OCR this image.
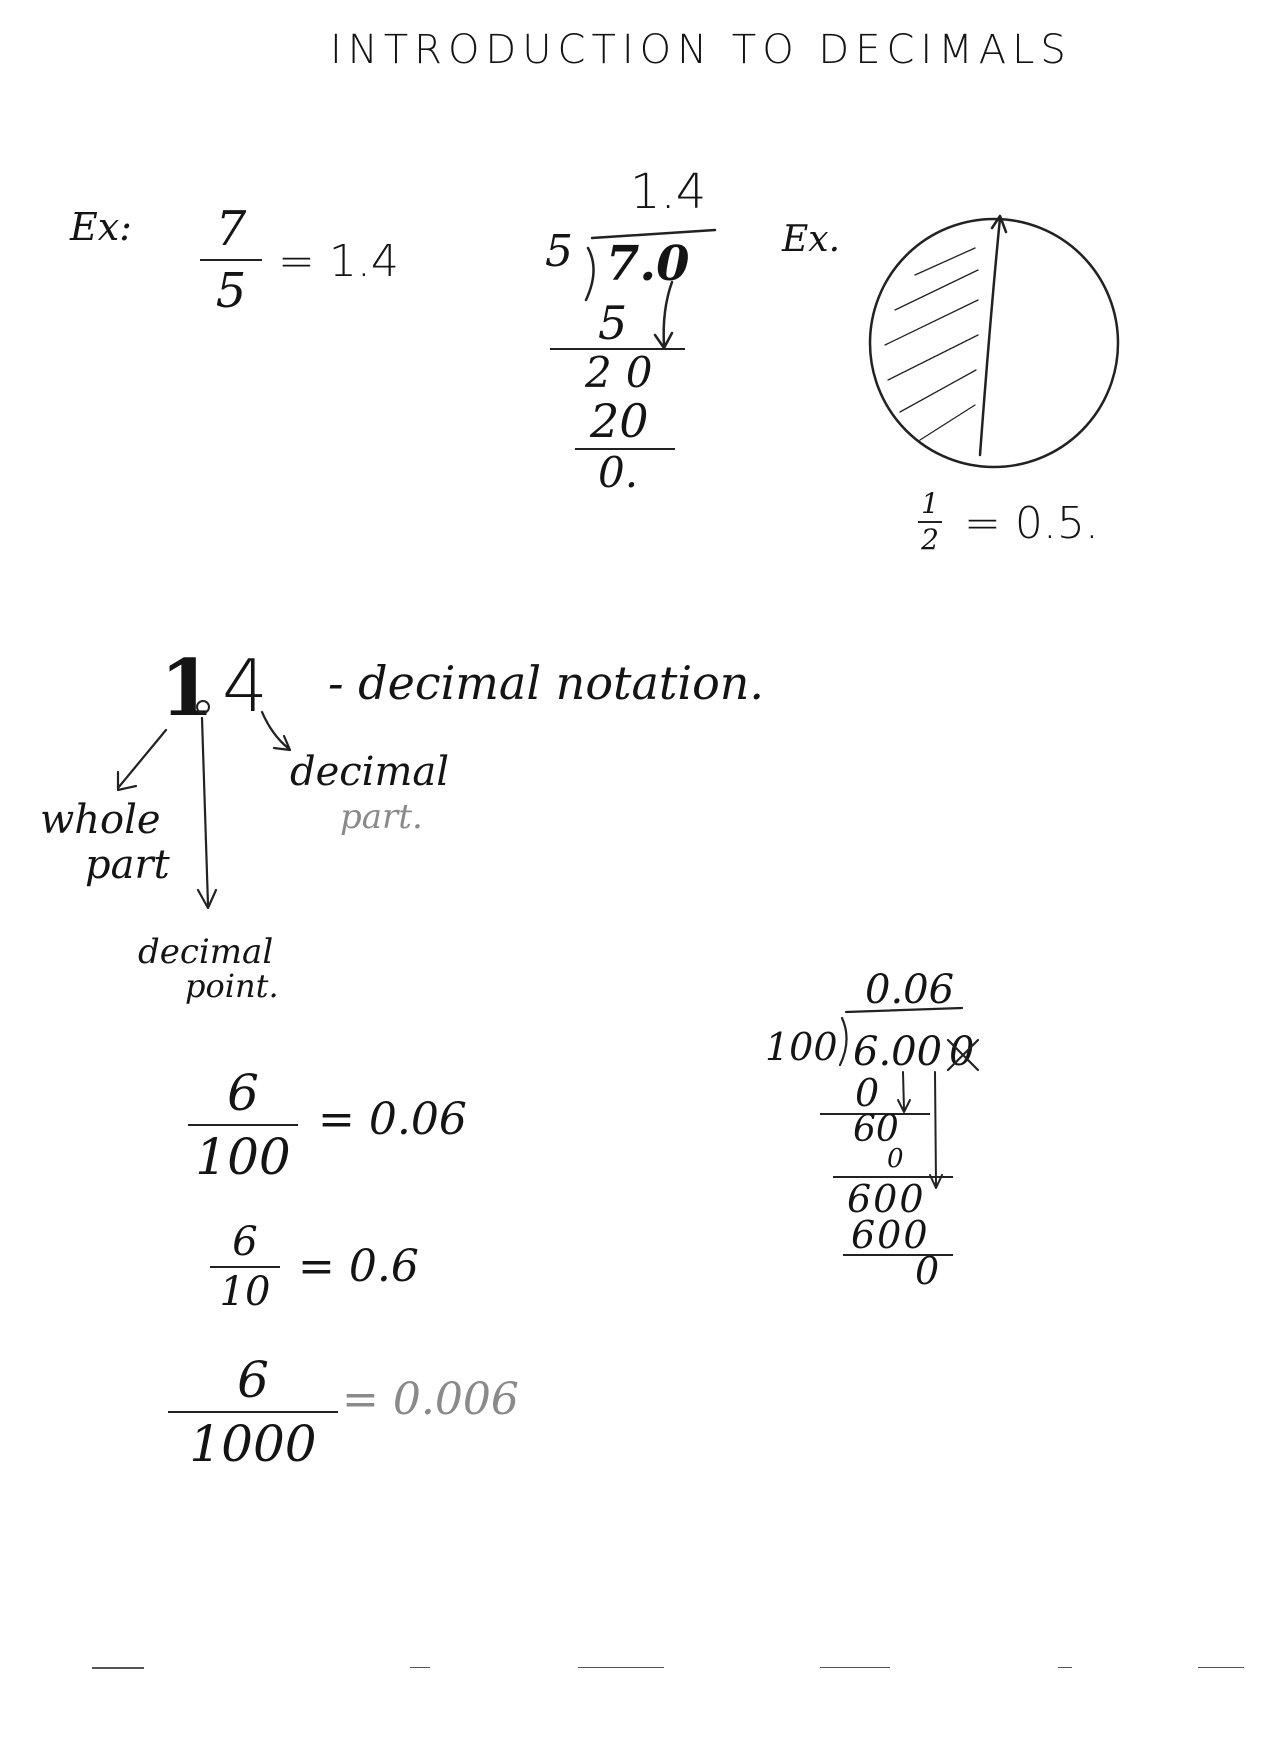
INTRODUCTION TO DECIMALS
Ex: 7
5
= 1.4
1.4
5 7.0
5
20
20
0.
Ex.
1
2 = 0.5.
1 4 - decimal notation.
whole
part
decimal
part.
decimal
point.
6
100
= 0.06
6
10 = 0.6
6
1000
= 0.006
0.06
100 6.00 0
0
60
0
600
600
0
